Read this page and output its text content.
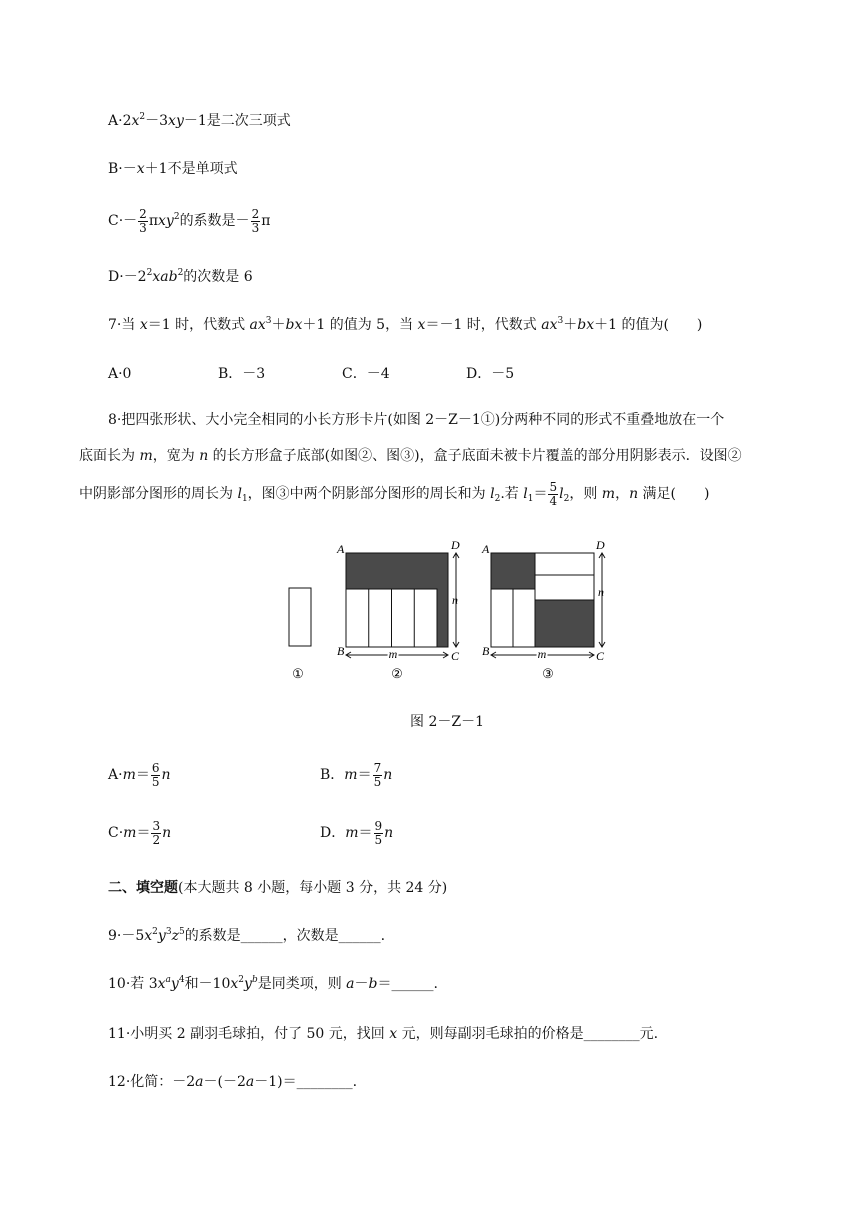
$A\cdot 2x^2-3xy-1$是二次三项式
B·－x＋1不是单项式
$C\cdot- \frac{2}{3} \pi xy^2$的系数是－ $\frac{2}{3}$ π
$D\cdot-2^2xab^2$的次数是 6
7·当 x＝1 时，代数式 $ax^3+bx+1$ 的值为 5，当 x＝－1 时，代数式 $ax^3+bx+1$ 的值为(　　)
A·0	B．－3	C．－4	D．－5
8·把四张形状、大小完全相同的小长方形卡片(如图 2－Z－1①)分两种不同的形式不重叠地放在一个
底面长为 m，宽为 n 的长方形盒子底部(如图②、图③)，盒子底面未被卡片覆盖的部分用阴影表示．设图②
中阴影部分图形的周长为 $l_1$，图③中两个阴影部分图形的周长和为 $l_2$.若 $l_1= \frac{5}{4} l_2$，则 m，n 满足(　　)
A	D
B	C
m
n
A	D
B	C
m
n
①	②	③
图 2－Z－1
$A\cdot m= \frac{6}{5}$ n	B．$m= \frac{7}{5}$ n
$C\cdot m= \frac{3}{2}$ n	D．$m= \frac{9}{5}$ n
二、填空题(本大题共 8 小题，每小题 3 分，共 24 分)
$9\cdot-5x^2y^3z^5$的系数是______，次数是______.
10·若 $3x^ay^4$和$-10x^2y^b$是同类项，则 a－b＝______.
11·小明买 2 副羽毛球拍，付了 50 元，找回 x 元，则每副羽毛球拍的价格是________元.
12·化简：－2a－(－2a－1)＝________.
